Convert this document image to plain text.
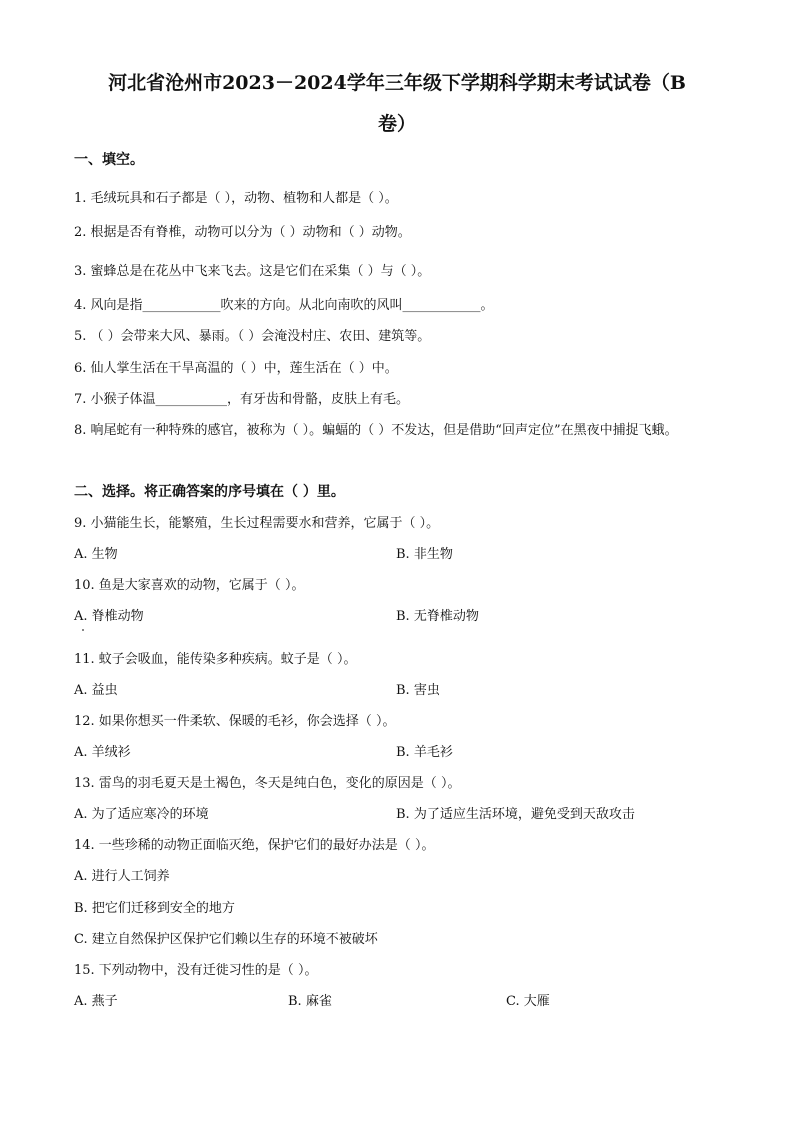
河北省沧州市2023－2024学年三年级下学期科学期末考试试卷（B
卷）
一、填空。
1. 毛绒玩具和石子都是（ ），动物、植物和人都是（ ）。
2. 根据是否有脊椎，动物可以分为（ ）动物和（ ）动物。
3. 蜜蜂总是在花丛中飞来飞去。这是它们在采集（ ）与（ ）。
4. 风向是指____________吹来的方向。从北向南吹的风叫____________。
5. （ ）会带来大风、暴雨。（ ）会淹没村庄、农田、建筑等。
6. 仙人掌生活在干旱高温的（ ）中，莲生活在（ ）中。
7. 小猴子体温___________，有牙齿和骨骼，皮肤上有毛。
8. 响尾蛇有一种特殊的感官，被称为（ ）。蝙蝠的（ ）不发达，但是借助“回声定位”在黑夜中捕捉飞蛾。
二、选择。将正确答案的序号填在（ ）里。
9. 小猫能生长，能繁殖，生长过程需要水和营养，它属于（ ）。
A. 生物	B. 非生物
10. 鱼是大家喜欢的动物，它属于（ ）。
A. 脊椎动物	B. 无脊椎动物
11. 蚊子会吸血，能传染多种疾病。蚊子是（ ）。
A. 益虫	B. 害虫
12. 如果你想买一件柔软、保暖的毛衫，你会选择（ ）。
A. 羊绒衫	B. 羊毛衫
13. 雷鸟的羽毛夏天是土褐色，冬天是纯白色，变化的原因是（ ）。
A. 为了适应寒冷的环境	B. 为了适应生活环境，避免受到天敌攻击
14. 一些珍稀的动物正面临灭绝，保护它们的最好办法是（ ）。
A. 进行人工饲养
B. 把它们迁移到安全的地方
C. 建立自然保护区保护它们赖以生存的环境不被破坏
15. 下列动物中，没有迁徙习性的是（ ）。
A. 燕子	B. 麻雀	C. 大雁
